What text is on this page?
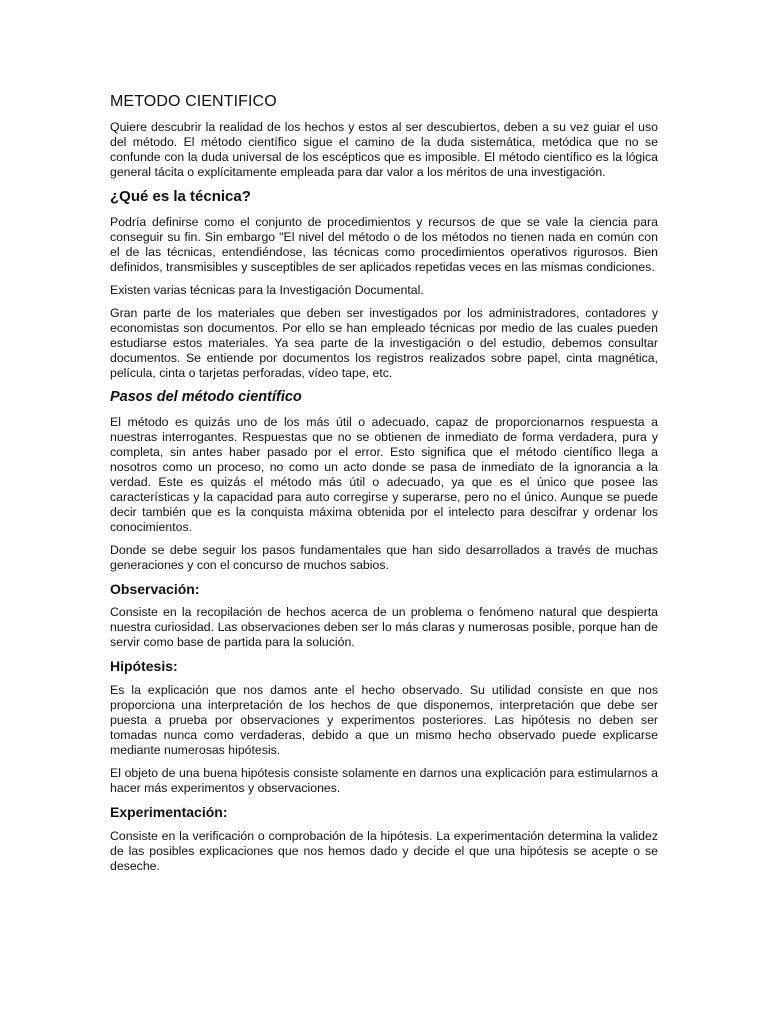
METODO CIENTIFICO

Quiere descubrir la realidad de los hechos y estos al ser descubiertos, deben a su vez guiar el uso del método. El método científico sigue el camino de la duda sistemática, metódica que no se confunde con la duda universal de los escépticos que es imposible. El método científico es la lógica general tácita o explícitamente empleada para dar valor a los méritos de una investigación.

¿Qué es la técnica?

Podría definirse como el conjunto de procedimientos y recursos de que se vale la ciencia para conseguir su fin. Sin embargo "El nivel del método o de los métodos no tienen nada en común con el de las técnicas, entendiéndose, las técnicas como procedimientos operativos rigurosos. Bien definidos, transmisibles y susceptibles de ser aplicados repetidas veces en las mismas condiciones.

Existen varias técnicas para la Investigación Documental.

Gran parte de los materiales que deben ser investigados por los administradores, contadores y economistas son documentos. Por ello se han empleado técnicas por medio de las cuales pueden estudiarse estos materiales. Ya sea parte de la investigación o del estudio, debemos consultar documentos. Se entiende por documentos los registros realizados sobre papel, cinta magnética, película, cinta o tarjetas perforadas, vídeo tape, etc.

Pasos del método científico

El método es quizás uno de los más útil o adecuado, capaz de proporcionarnos respuesta a nuestras interrogantes. Respuestas que no se obtienen de inmediato de forma verdadera, pura y completa, sin antes haber pasado por el error. Esto significa que el método científico llega a nosotros como un proceso, no como un acto donde se pasa de inmediato de la ignorancia a la verdad. Este es quizás el método más útil o adecuado, ya que es el único que posee las características y la capacidad para auto corregirse y superarse, pero no el único. Aunque se puede decir también que es la conquista máxima obtenida por el intelecto para descifrar y ordenar los conocimientos.

Donde se debe seguir los pasos fundamentales que han sido desarrollados a través de muchas generaciones y con el concurso de muchos sabios.

Observación:

Consiste en la recopilación de hechos acerca de un problema o fenómeno natural que despierta nuestra curiosidad. Las observaciones deben ser lo más claras y numerosas posible, porque han de servir como base de partida para la solución.

Hipótesis:

Es la explicación que nos damos ante el hecho observado. Su utilidad consiste en que nos proporciona una interpretación de los hechos de que disponemos, interpretación que debe ser puesta a prueba por observaciones y experimentos posteriores. Las hipótesis no deben ser tomadas nunca como verdaderas, debido a que un mismo hecho observado puede explicarse mediante numerosas hipótesis.

El objeto de una buena hipótesis consiste solamente en darnos una explicación para estimularnos a hacer más experimentos y observaciones.

Experimentación:

Consiste en la verificación o comprobación de la hipótesis. La experimentación determina la validez de las posibles explicaciones que nos hemos dado y decide el que una hipótesis se acepte o se deseche.
